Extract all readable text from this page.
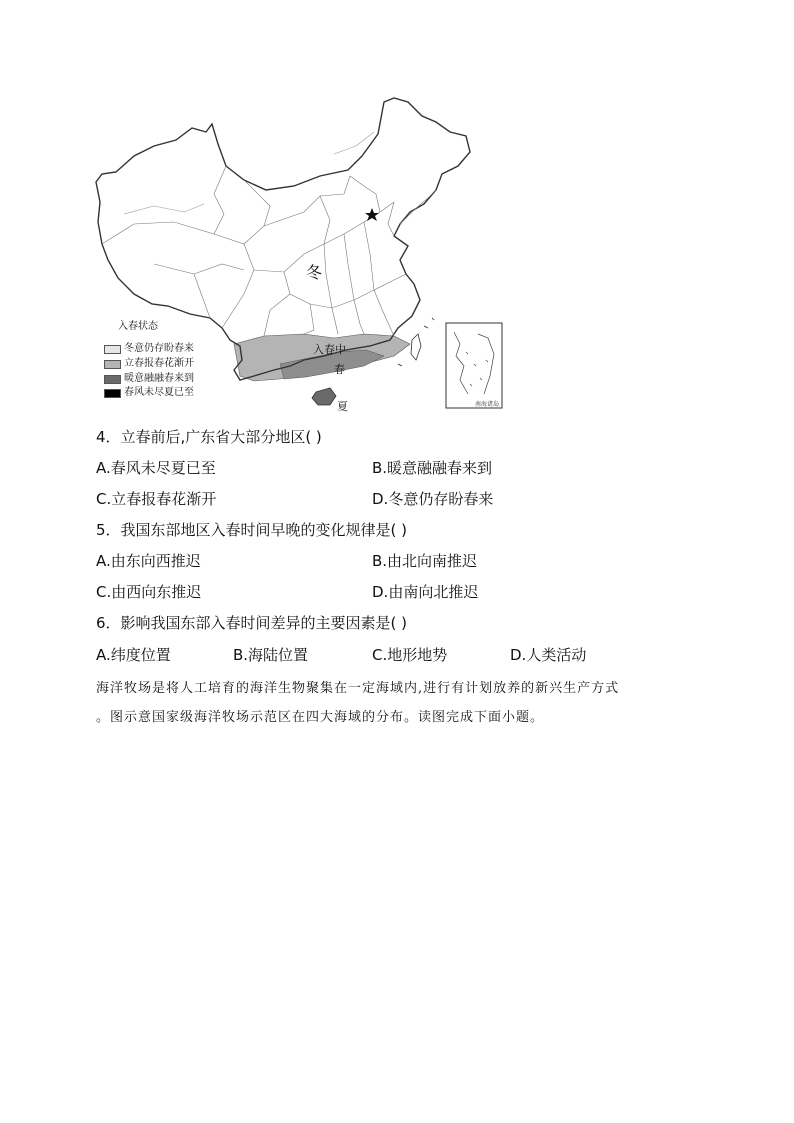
冬
入春中
春
夏	南海诸岛
入春状态
冬意仍存盼春来
立春报春花渐开
暖意融融春来到
春风未尽夏已至
4．立春前后,广东省大部分地区( )
A.春风未尽夏已至	B.暖意融融春来到
C.立春报春花渐开	D.冬意仍存盼春来
5．我国东部地区入春时间早晚的变化规律是( )
A.由东向西推迟	B.由北向南推迟
C.由西向东推迟	D.由南向北推迟
6．影响我国东部入春时间差异的主要因素是( )
A.纬度位置	B.海陆位置	C.地形地势	D.人类活动
海洋牧场是将人工培育的海洋生物聚集在一定海域内,进行有计划放养的新兴生产方式
。图示意国家级海洋牧场示范区在四大海域的分布。读图完成下面小题。
